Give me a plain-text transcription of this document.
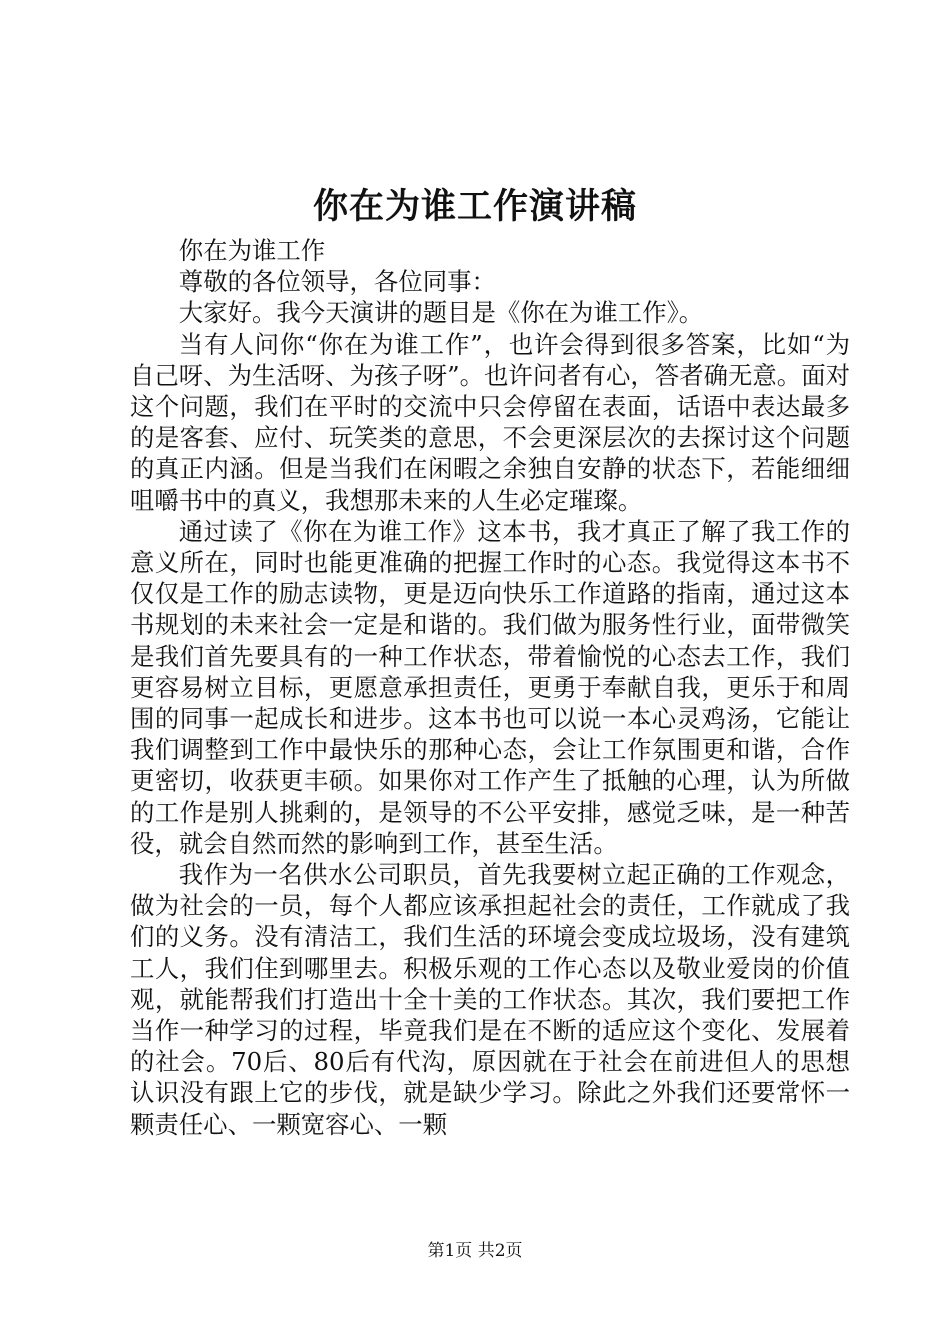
你在为谁工作演讲稿

你在为谁工作

尊敬的各位领导，各位同事：

大家好。我今天演讲的题目是《你在为谁工作》。

当有人问你“你在为谁工作”，也许会得到很多答案，比如“为自己呀、为生活呀、为孩子呀”。也许问者有心，答者确无意。面对这个问题，我们在平时的交流中只会停留在表面，话语中表达最多的是客套、应付、玩笑类的意思，不会更深层次的去探讨这个问题的真正内涵。但是当我们在闲暇之余独自安静的状态下，若能细细咀嚼书中的真义，我想那未来的人生必定璀璨。

通过读了《你在为谁工作》这本书，我才真正了解了我工作的意义所在，同时也能更准确的把握工作时的心态。我觉得这本书不仅仅是工作的励志读物，更是迈向快乐工作道路的指南，通过这本书规划的未来社会一定是和谐的。我们做为服务性行业，面带微笑是我们首先要具有的一种工作状态，带着愉悦的心态去工作，我们更容易树立目标，更愿意承担责任，更勇于奉献自我，更乐于和周围的同事一起成长和进步。这本书也可以说一本心灵鸡汤，它能让我们调整到工作中最快乐的那种心态，会让工作氛围更和谐，合作更密切，收获更丰硕。如果你对工作产生了抵触的心理，认为所做的工作是别人挑剩的，是领导的不公平安排，感觉乏味，是一种苦役，就会自然而然的影响到工作，甚至生活。

我作为一名供水公司职员，首先我要树立起正确的工作观念，做为社会的一员，每个人都应该承担起社会的责任，工作就成了我们的义务。没有清洁工，我们生活的环境会变成垃圾场，没有建筑工人，我们住到哪里去。积极乐观的工作心态以及敬业爱岗的价值观，就能帮我们打造出十全十美的工作状态。其次，我们要把工作当作一种学习的过程，毕竟我们是在不断的适应这个变化、发展着的社会。70后、80后有代沟，原因就在于社会在前进但人的思想认识没有跟上它的步伐，就是缺少学习。除此之外我们还要常怀一颗责任心、一颗宽容心、一颗

第1页 共2页
